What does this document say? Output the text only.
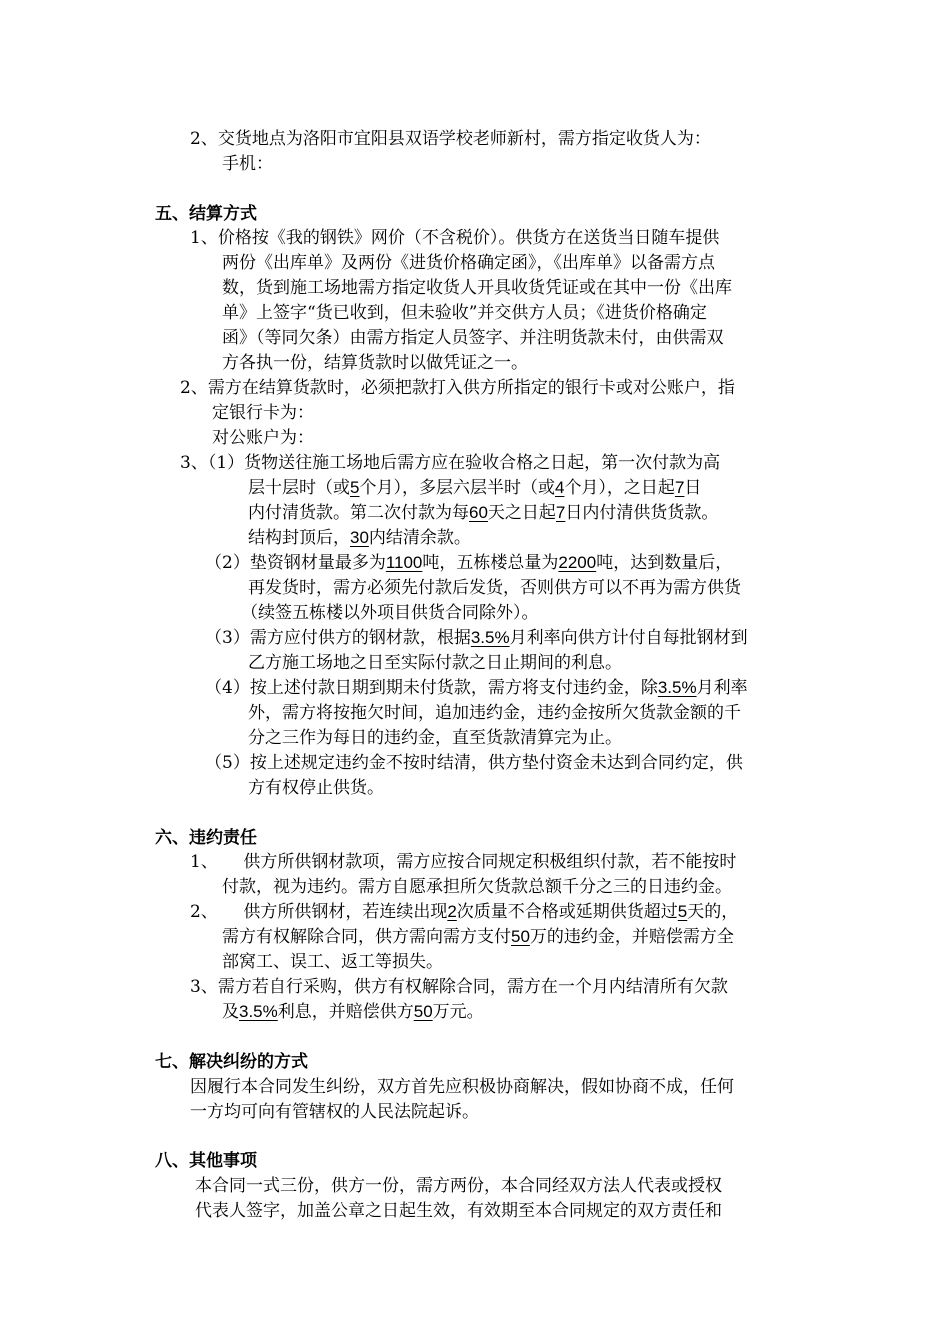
2、交货地点为洛阳市宜阳县双语学校老师新村，需方指定收货人为：
手机：
五、结算方式
1、价格按《我的钢铁》网价（不含税价）。供货方在送货当日随车提供
两份《出库单》及两份《进货价格确定函》，《出库单》以备需方点
数，货到施工场地需方指定收货人开具收货凭证或在其中一份《出库
单》上签字“货已收到，但未验收”并交供方人员；《进货价格确定
函》（等同欠条）由需方指定人员签字、并注明货款未付，由供需双
方各执一份，结算货款时以做凭证之一。
2、需方在结算货款时，必须把款打入供方所指定的银行卡或对公账户，指
定银行卡为：
对公账户为：
3、（1）货物送往施工场地后需方应在验收合格之日起，第一次付款为高
层十层时（或5个月），多层六层半时（或4个月），之日起7日
内付清货款。第二次付款为每60天之日起7日内付清供货货款。
结构封顶后，30内结清余款。
（2）垫资钢材量最多为1100吨，五栋楼总量为2200吨，达到数量后，
再发货时，需方必须先付款后发货，否则供方可以不再为需方供货
（续签五栋楼以外项目供货合同除外）。
（3）需方应付供方的钢材款，根据3.5%月利率向供方计付自每批钢材到
乙方施工场地之日至实际付款之日止期间的利息。
（4）按上述付款日期到期未付货款，需方将支付违约金，除3.5%月利率
外，需方将按拖欠时间，追加违约金，违约金按所欠货款金额的千
分之三作为每日的违约金，直至货款清算完为止。
（5）按上述规定违约金不按时结清，供方垫付资金未达到合同约定，供
方有权停止供货。
六、违约责任
1、　　供方所供钢材款项，需方应按合同规定积极组织付款，若不能按时
付款，视为违约。需方自愿承担所欠货款总额千分之三的日违约金。
2、　　供方所供钢材，若连续出现2次质量不合格或延期供货超过5天的，
需方有权解除合同，供方需向需方支付50万的违约金，并赔偿需方全
部窝工、误工、返工等损失。
3、需方若自行采购，供方有权解除合同，需方在一个月内结清所有欠款
及3.5%利息，并赔偿供方50万元。
七、解决纠纷的方式
因履行本合同发生纠纷，双方首先应积极协商解决，假如协商不成，任何
一方均可向有管辖权的人民法院起诉。
八、其他事项
本合同一式三份，供方一份，需方两份，本合同经双方法人代表或授权
代表人签字，加盖公章之日起生效，有效期至本合同规定的双方责任和
